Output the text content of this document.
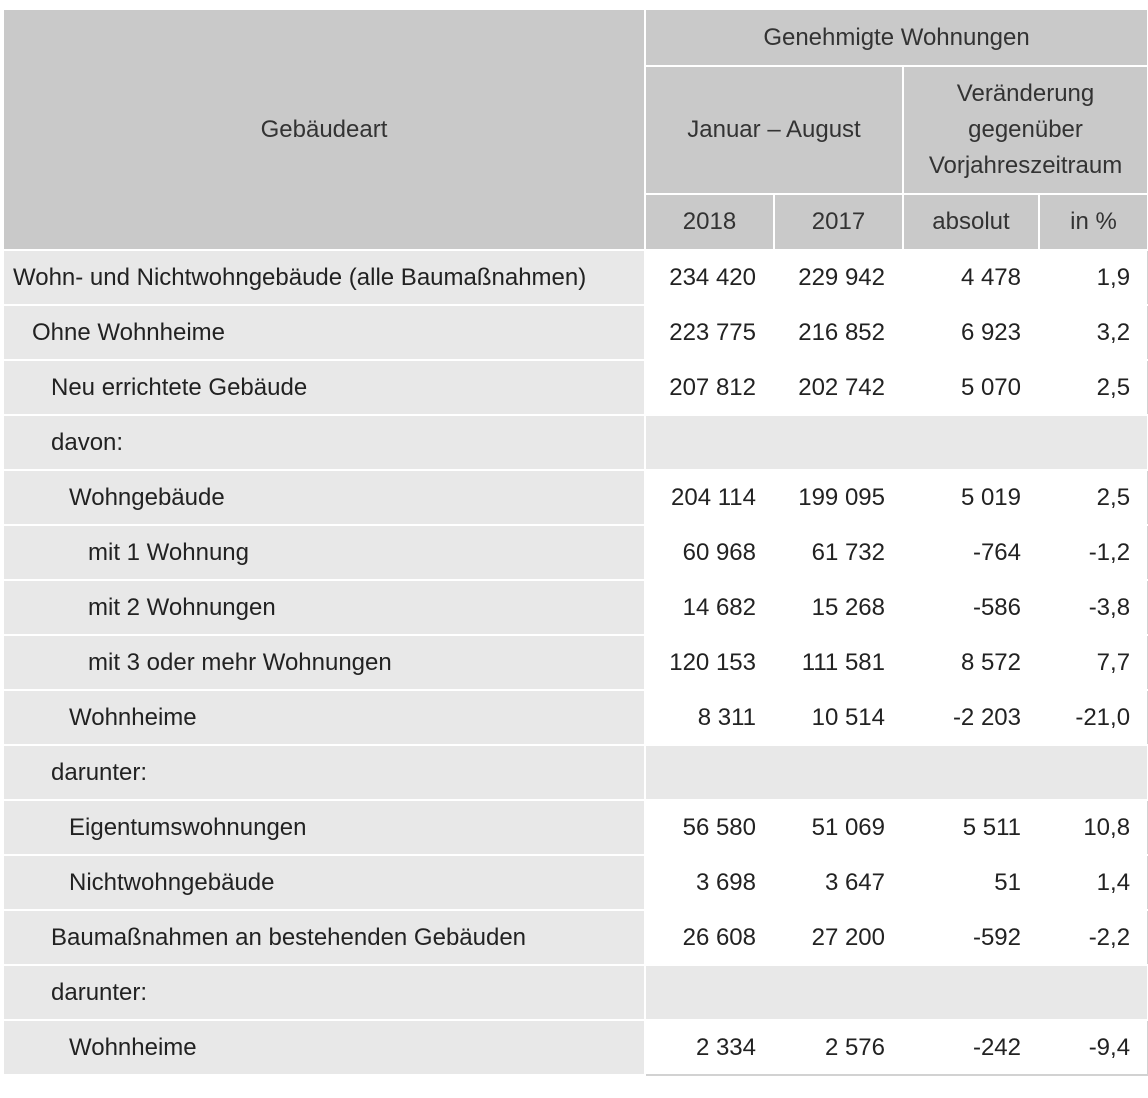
Gebäudeart	Genehmigte Wohnungen			
	Januar – August		Veränderung
gegenüber
Vorjahreszeitraum	
	2018	2017	absolut	in %
Wohn- und Nichtwohngebäude (alle Baumaßnahmen)	234 420	229 942	4 478	1,9
Ohne Wohnheime	223 775	216 852	6 923	3,2
Neu errichtete Gebäude	207 812	202 742	5 070	2,5
davon:				
Wohngebäude	204 114	199 095	5 019	2,5
mit 1 Wohnung	60 968	61 732	-764	-1,2
mit 2 Wohnungen	14 682	15 268	-586	-3,8
mit 3 oder mehr Wohnungen	120 153	111 581	8 572	7,7
Wohnheime	8 311	10 514	-2 203	-21,0
darunter:				
Eigentumswohnungen	56 580	51 069	5 511	10,8
Nichtwohngebäude	3 698	3 647	51	1,4
Baumaßnahmen an bestehenden Gebäuden	26 608	27 200	-592	-2,2
darunter:				
Wohnheime	2 334	2 576	-242	-9,4
